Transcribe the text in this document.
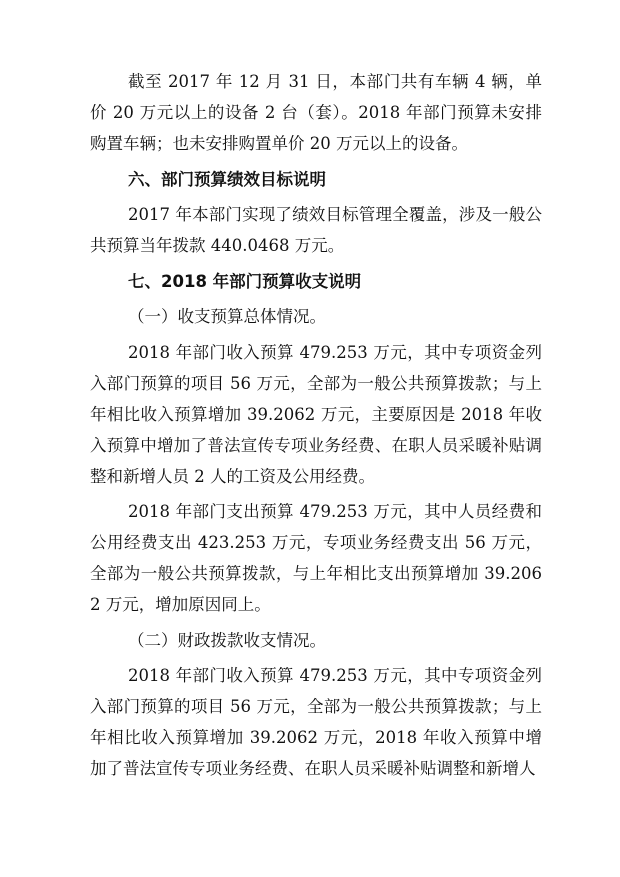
截至 2017 年 12 月 31 日，本部门共有车辆 4 辆，单价 20 万元以上的设备 2 台（套）。2018 年部门预算未安排购置车辆；也未安排购置单价 20 万元以上的设备。

六、部门预算绩效目标说明

2017 年本部门实现了绩效目标管理全覆盖，涉及一般公共预算当年拨款 440.0468 万元。

七、2018 年部门预算收支说明

（一）收支预算总体情况。

2018 年部门收入预算 479.253 万元，其中专项资金列入部门预算的项目 56 万元，全部为一般公共预算拨款；与上年相比收入预算增加 39.2062 万元，主要原因是 2018 年收入预算中增加了普法宣传专项业务经费、在职人员采暖补贴调整和新增人员 2 人的工资及公用经费。

2018 年部门支出预算 479.253 万元，其中人员经费和公用经费支出 423.253 万元，专项业务经费支出 56 万元，全部为一般公共预算拨款，与上年相比支出预算增加 39.2062 万元，增加原因同上。

（二）财政拨款收支情况。

2018 年部门收入预算 479.253 万元，其中专项资金列入部门预算的项目 56 万元，全部为一般公共预算拨款；与上年相比收入预算增加 39.2062 万元，2018 年收入预算中增加了普法宣传专项业务经费、在职人员采暖补贴调整和新增人
